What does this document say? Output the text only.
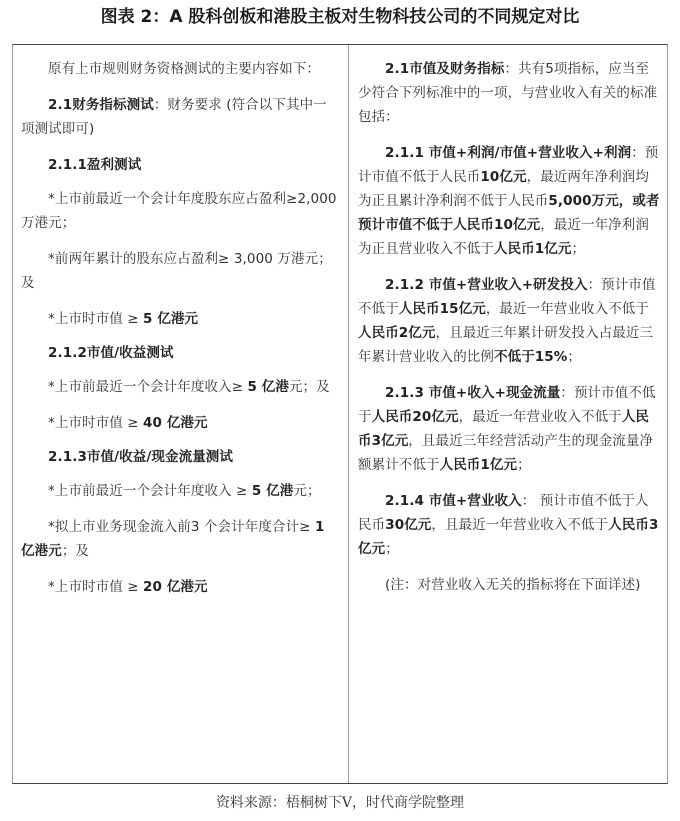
图表 2：A 股科创板和港股主板对生物科技公司的不同规定对比

原有上市规则财务资格测试的主要内容如下：

2.1财务指标测试：财务要求 (符合以下其中一项测试即可)

2.1.1盈利测试

*上市前最近一个会计年度股东应占盈利≥2,000 万港元；

*前两年累计的股东应占盈利≥ 3,000 万港元；及

*上市时市值 ≥ 5 亿港元

2.1.2市值/收益测试

*上市前最近一个会计年度收入≥ 5 亿港元；及

*上市时市值 ≥ 40 亿港元

2.1.3市值/收益/现金流量测试

*上市前最近一个会计年度收入 ≥ 5 亿港元；

*拟上市业务现金流入前3 个会计年度合计≥ 1 亿港元；及

*上市时市值 ≥ 20 亿港元

2.1市值及财务指标：共有5项指标，应当至少符合下列标准中的一项，与营业收入有关的标准包括：

2.1.1 市值+利润/市值+营业收入+利润：预计市值不低于人民币10亿元，最近两年净利润均为正且累计净利润不低于人民币5,000万元，或者预计市值不低于人民币10亿元，最近一年净利润为正且营业收入不低于人民币1亿元；

2.1.2 市值+营业收入+研发投入：预计市值不低于人民币15亿元，最近一年营业收入不低于人民币2亿元，且最近三年累计研发投入占最近三年累计营业收入的比例不低于15%；

2.1.3 市值+收入+现金流量：预计市值不低于人民币20亿元，最近一年营业收入不低于人民币3亿元，且最近三年经营活动产生的现金流量净额累计不低于人民币1亿元；

2.1.4 市值+营业收入： 预计市值不低于人民币30亿元，且最近一年营业收入不低于人民币3亿元；

(注：对营业收入无关的指标将在下面详述)

资料来源：梧桐树下V，时代商学院整理
